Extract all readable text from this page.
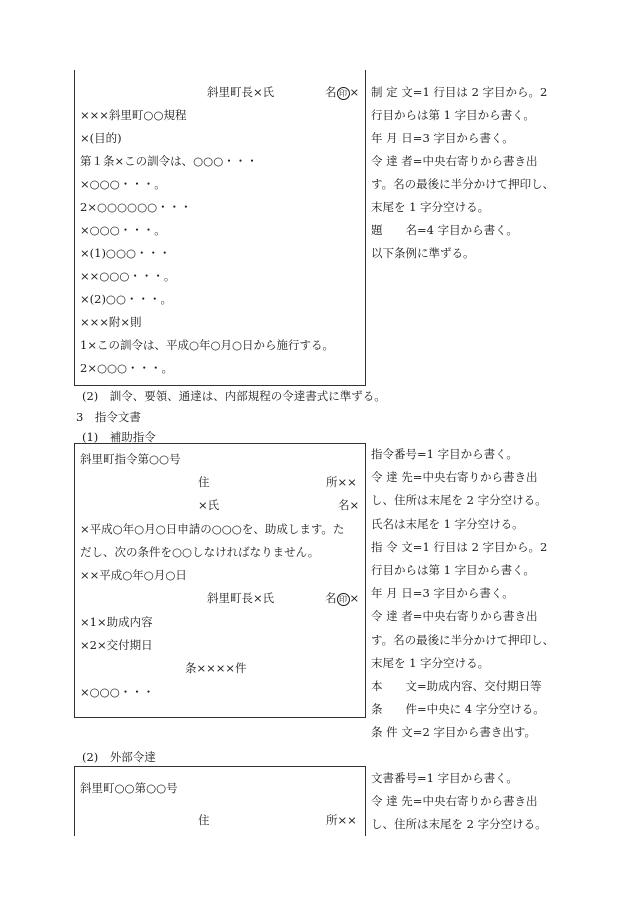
斜里町長×氏	名 印 ×
×××斜里町○○規程
×(目的)
第１条×この訓令は、○○○・・・
×○○○・・・。
2×○○○○○○・・・
×○○○・・・。
×(1)○○○・・・
××○○○・・・。
×(2)○○・・・。
×××附×則
1×この訓令は、平成○年○月○日から施行する。
2×○○○・・・。
制 定 文=1 行目は 2 字目から。2
行目からは第 1 字目から書く。
年 月 日=3 字目から書く。
令 達 者=中央右寄りから書き出
す。名の最後に半分かけて押印し、
末尾を 1 字分空ける。
題　　名=4 字目から書く。
以下条例に準ずる。
(2)　訓令、要領、通達は、内部規程の令達書式に準ずる。
3　指令文書
(1)　補助指令
斜里町指令第○○号
住	所××
×氏	名×
×平成○年○月○日申請の○○○を、助成します。た
だし、次の条件を○○しなければなりません。
××平成○年○月○日
斜里町長×氏	名 印 ×
×1×助成内容
×2×交付期日
条××××件
×○○○・・・
指令番号=1 字目から書く。
令 達 先=中央右寄りから書き出
し、住所は末尾を 2 字分空ける。
氏名は末尾を 1 字分空ける。
指 令 文=1 行目は 2 字目から。2
行目からは第 1 字目から書く。
年 月 日=3 字目から書く。
令 達 者=中央右寄りから書き出
す。名の最後に半分かけて押印し、
末尾を 1 字分空ける。
本　　文=助成内容、交付期日等
条　　件=中央に 4 字分空ける。
条 件 文=2 字目から書き出す。
(2)　外部令達
斜里町○○第○○号
住	所××
文書番号=1 字目から書く。
令 達 先=中央右寄りから書き出
し、住所は末尾を 2 字分空ける。
